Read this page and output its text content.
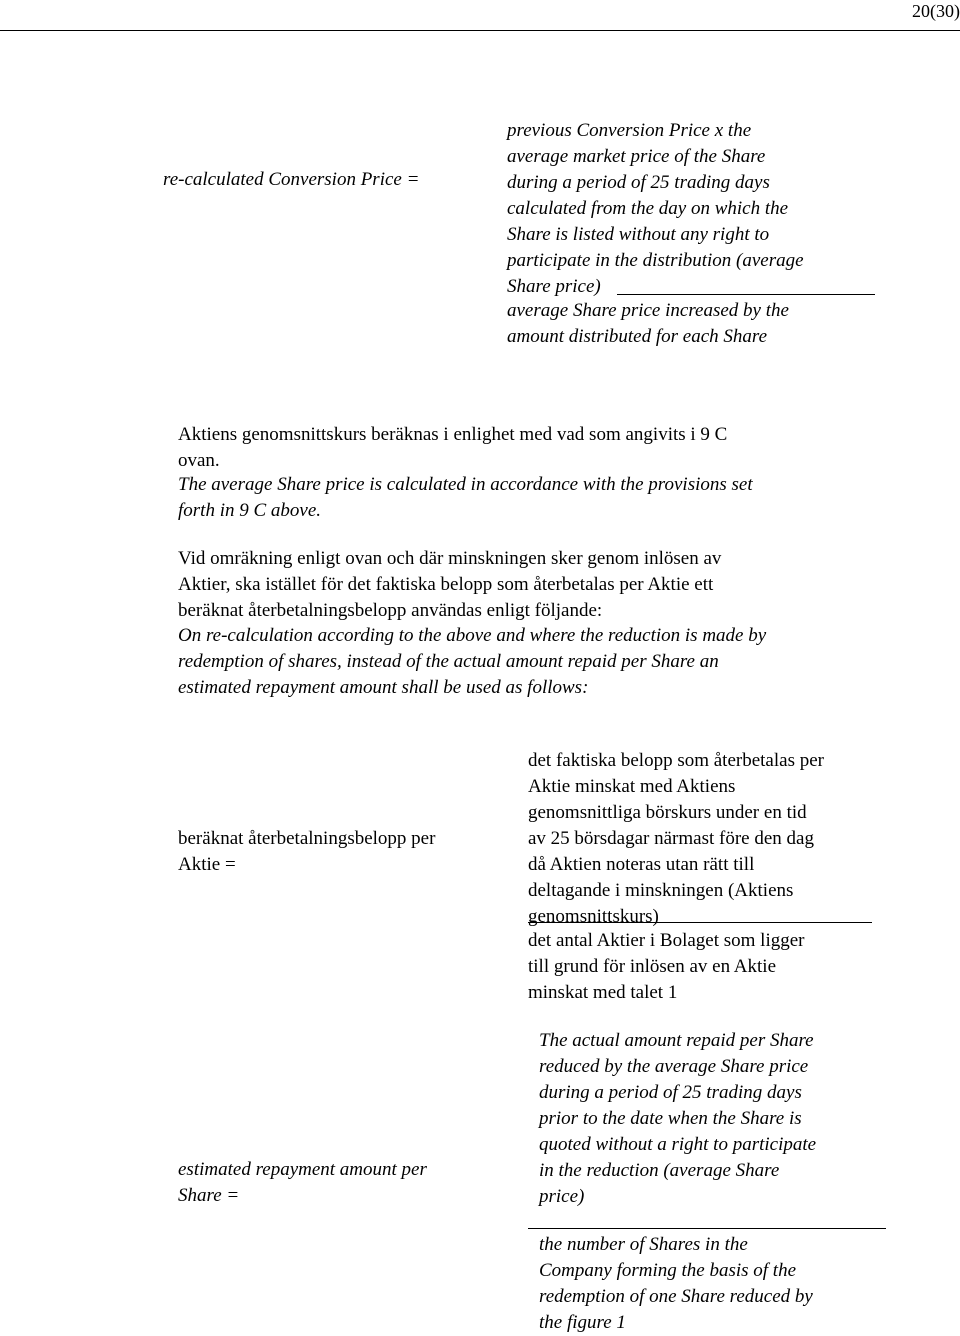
20(30)
re-calculated Conversion Price =
previous Conversion Price x the
average market price of the Share
during a period of 25 trading days
calculated from the day on which the
Share is listed without any right to
participate in the distribution (average
Share price)
average Share price increased by the
amount distributed for each Share
Aktiens genomsnittskurs beräknas i enlighet med vad som angivits i 9 C
ovan.
The average Share price is calculated in accordance with the provisions set
forth in 9 C above.
Vid omräkning enligt ovan och där minskningen sker genom inlösen av
Aktier, ska istället för det faktiska belopp som återbetalas per Aktie ett
beräknat återbetalningsbelopp användas enligt följande:
On re-calculation according to the above and where the reduction is made by
redemption of shares, instead of the actual amount repaid per Share an
estimated repayment amount shall be used as follows:
beräknat återbetalningsbelopp per
Aktie =
det faktiska belopp som återbetalas per
Aktie minskat med Aktiens
genomsnittliga börskurs under en tid
av 25 börsdagar närmast före den dag
då Aktien noteras utan rätt till
deltagande i minskningen (Aktiens
genomsnittskurs)
det antal Aktier i Bolaget som ligger
till grund för inlösen av en Aktie
minskat med talet 1
estimated repayment amount per
Share =
The actual amount repaid per Share
reduced by the average Share price
during a period of 25 trading days
prior to the date when the Share is
quoted without a right to participate
in the reduction (average Share
price)
the number of Shares in the
Company forming the basis of the
redemption of one Share reduced by
the figure 1
